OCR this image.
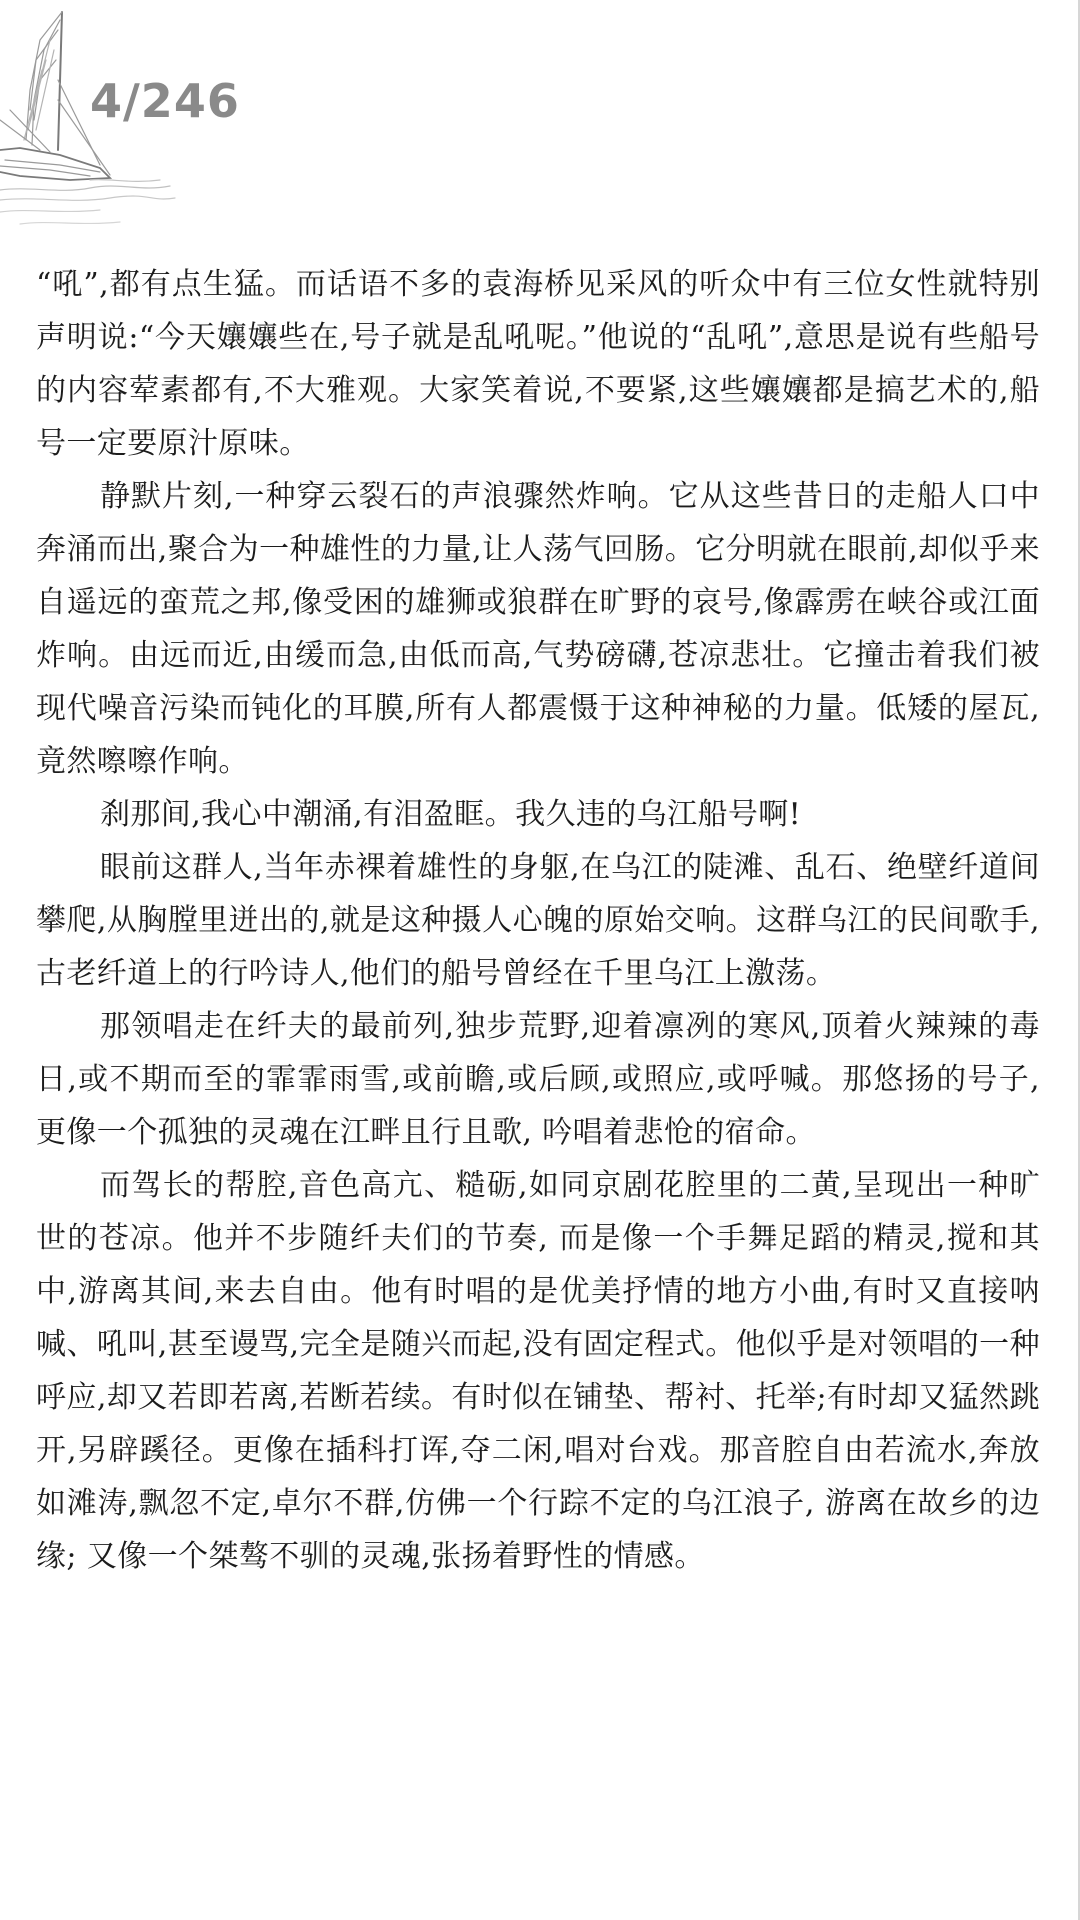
4/246

“吼”,都有点生猛。而话语不多的袁海桥见采风的听众中有三位女性就特别声明说:“今天孃孃些在,号子就是乱吼呢。”他说的“乱吼”,意思是说有些船号的内容荤素都有,不大雅观。大家笑着说,不要紧,这些孃孃都是搞艺术的,船号一定要原汁原味。

静默片刻,一种穿云裂石的声浪骤然炸响。它从这些昔日的走船人口中奔涌而出,聚合为一种雄性的力量,让人荡气回肠。它分明就在眼前,却似乎来自遥远的蛮荒之邦,像受困的雄狮或狼群在旷野的哀号,像霹雳在峡谷或江面炸响。由远而近,由缓而急,由低而高,气势磅礴,苍凉悲壮。它撞击着我们被现代噪音污染而钝化的耳膜,所有人都震慑于这种神秘的力量。低矮的屋瓦,竟然嚓嚓作响。

刹那间,我心中潮涌,有泪盈眶。我久违的乌江船号啊!

眼前这群人,当年赤裸着雄性的身躯,在乌江的陡滩、乱石、绝壁纤道间攀爬,从胸膛里迸出的,就是这种摄人心魄的原始交响。这群乌江的民间歌手,古老纤道上的行吟诗人,他们的船号曾经在千里乌江上激荡。

那领唱走在纤夫的最前列,独步荒野,迎着凛冽的寒风,顶着火辣辣的毒日,或不期而至的霏霏雨雪,或前瞻,或后顾,或照应,或呼喊。那悠扬的号子, 更像一个孤独的灵魂在江畔且行且歌, 吟唱着悲怆的宿命。

而驾长的帮腔,音色高亢、糙砺,如同京剧花腔里的二黄,呈现出一种旷世的苍凉。他并不步随纤夫们的节奏, 而是像一个手舞足蹈的精灵,搅和其中,游离其间,来去自由。他有时唱的是优美抒情的地方小曲,有时又直接呐喊、吼叫,甚至谩骂,完全是随兴而起,没有固定程式。他似乎是对领唱的一种呼应,却又若即若离,若断若续。有时似在铺垫、帮衬、托举;有时却又猛然跳开,另辟蹊径。更像在插科打诨,夺二闲,唱对台戏。那音腔自由若流水,奔放如滩涛,飘忽不定,卓尔不群,仿佛一个行踪不定的乌江浪子, 游离在故乡的边缘; 又像一个桀骜不驯的灵魂,张扬着野性的情感。
